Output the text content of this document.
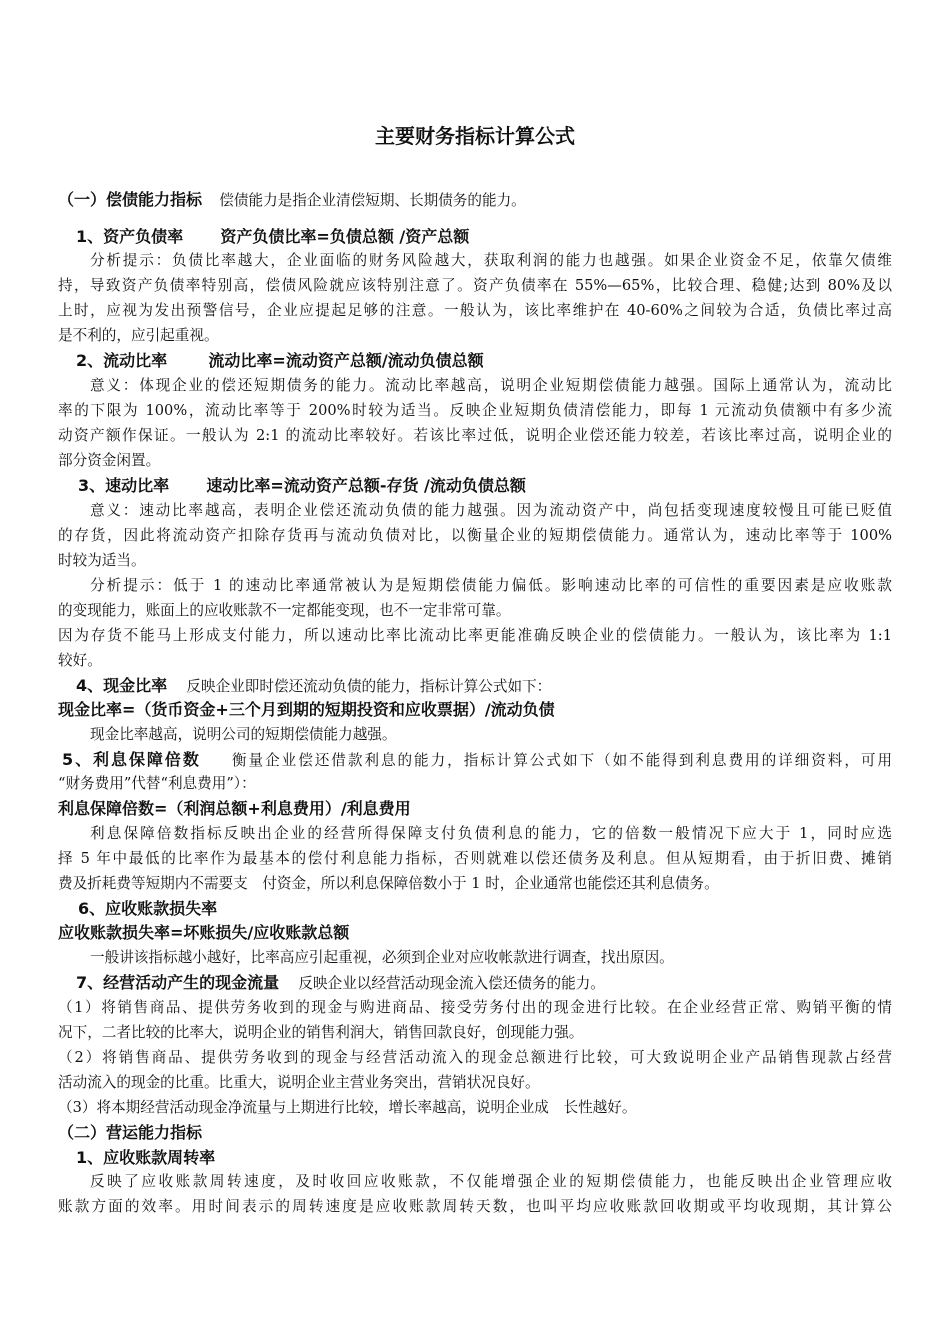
主要财务指标计算公式
（一）偿债能力指标 偿债能力是指企业清偿短期、长期债务的能力。
1、资产负债率 资产负债比率=负债总额 /资产总额
分析提示：负债比率越大，企业面临的财务风险越大，获取利润的能力也越强。如果企业资金不足，依靠欠债维
持，导致资产负债率特别高，偿债风险就应该特别注意了。资产负债率在 55%—65%，比较合理、稳健;达到 80%及以
上时，应视为发出预警信号，企业应提起足够的注意。一般认为，该比率维护在 40-60%之间较为合适，负债比率过高
是不利的，应引起重视。
2、流动比率	流动比率=流动资产总额/流动负债总额
意义：体现企业的偿还短期债务的能力。流动比率越高，说明企业短期偿债能力越强。国际上通常认为，流动比
率的下限为 100%，流动比率等于 200%时较为适当。反映企业短期负债清偿能力，即每 1 元流动负债额中有多少流
动资产额作保证。一般认为 2:1 的流动比率较好。若该比率过低，说明企业偿还能力较差，若该比率过高，说明企业的
部分资金闲置。
3、速动比率 速动比率=流动资产总额-存货 /流动负债总额
意义：速动比率越高，表明企业偿还流动负债的能力越强。因为流动资产中，尚包括变现速度较慢且可能已贬值
的存货，因此将流动资产扣除存货再与流动负债对比，以衡量企业的短期偿债能力。通常认为，速动比率等于 100%
时较为适当。
分析提示：低于 1 的速动比率通常被认为是短期偿债能力偏低。影响速动比率的可信性的重要因素是应收账款
的变现能力，账面上的应收账款不一定都能变现，也不一定非常可靠。
因为存货不能马上形成支付能力，所以速动比率比流动比率更能准确反映企业的偿债能力。一般认为，该比率为 1:1
较好。
4、现金比率 反映企业即时偿还流动负债的能力，指标计算公式如下：
现金比率=（货币资金+三个月到期的短期投资和应收票据）/流动负债
现金比率越高，说明公司的短期偿债能力越强。
5、利息保障倍数 衡量企业偿还借款利息的能力，指标计算公式如下（如不能得到利息费用的详细资料，可用
“财务费用”代替“利息费用”）：
利息保障倍数=（利润总额+利息费用）/利息费用
利息保障倍数指标反映出企业的经营所得保障支付负债利息的能力，它的倍数一般情况下应大于 1，同时应选
择 5 年中最低的比率作为最基本的偿付利息能力指标，否则就难以偿还债务及利息。但从短期看，由于折旧费、摊销
费及折耗费等短期内不需要支　付资金，所以利息保障倍数小于 1 时，企业通常也能偿还其利息债务。
6、应收账款损失率
应收账款损失率=坏账损失/应收账款总额
一般讲该指标越小越好，比率高应引起重视，必须到企业对应收帐款进行调查，找出原因。
7、经营活动产生的现金流量 反映企业以经营活动现金流入偿还债务的能力。
（1）将销售商品、提供劳务收到的现金与购进商品、接受劳务付出的现金进行比较。在企业经营正常、购销平衡的情
况下，二者比较的比率大，说明企业的销售利润大，销售回款良好，创现能力强。
（2）将销售商品、提供劳务收到的现金与经营活动流入的现金总额进行比较，可大致说明企业产品销售现款占经营
活动流入的现金的比重。比重大，说明企业主营业务突出，营销状况良好。
（3）将本期经营活动现金净流量与上期进行比较，增长率越高，说明企业成　长性越好。
（二）营运能力指标
1、应收账款周转率
反映了应收账款周转速度，及时收回应收账款，不仅能增强企业的短期偿债能力，也能反映出企业管理应收
账款方面的效率。用时间表示的周转速度是应收账款周转天数，也叫平均应收账款回收期或平均收现期，其计算公
